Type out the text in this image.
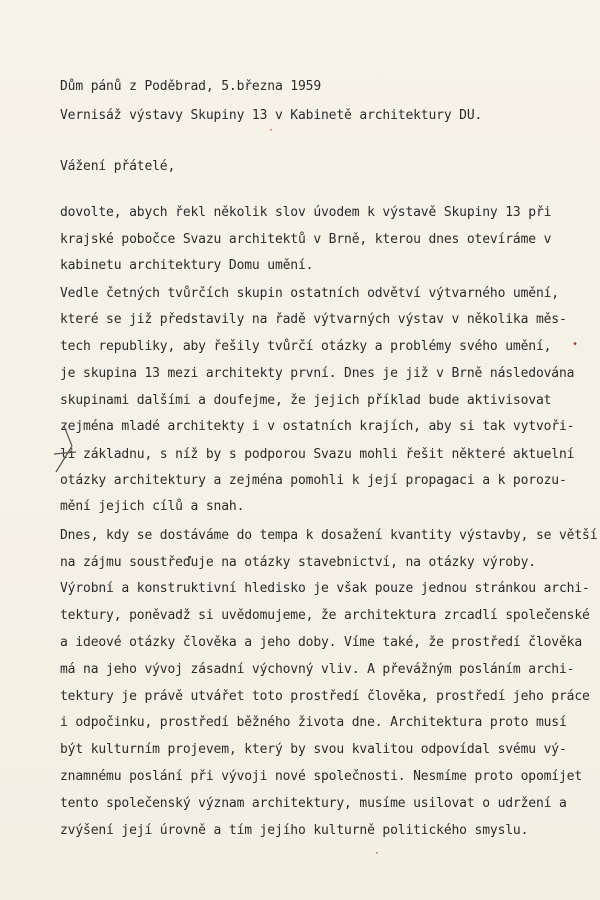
Dům pánů z Poděbrad, 5.března 1959
Vernisáž výstavy Skupiny 13 v Kabinetě architektury DU.
Vážení přátelé,
dovolte, abych řekl několik slov úvodem k výstavě Skupiny 13 při
krajské pobočce Svazu architektů v Brně, kterou dnes otevíráme v
kabinetu architektury Domu umění.
Vedle četných tvůrčích skupin ostatních odvětví výtvarného umění,
které se již představily na řadě výtvarných výstav v několika měs-
tech republiky, aby řešily tvůrčí otázky a problémy svého umění,
je skupina 13 mezi architekty první. Dnes je již v Brně následována
skupinami dalšími a doufejme, že jejich příklad bude aktivisovat
zejména mladé architekty i v ostatních krajích, aby si tak vytvoři-
li základnu, s níž by s podporou Svazu mohli řešit některé aktuelní
otázky architektury a zejména pomohli k její propagaci a k porozu-
mění jejich cílů a snah.
Dnes, kdy se dostáváme do tempa k dosažení kvantity výstavby, se větší
na zájmu soustřeďuje na otázky stavebnictví, na otázky výroby.
Výrobní a konstruktivní hledisko je však pouze jednou stránkou archi-
tektury, poněvadž si uvědomujeme, že architektura zrcadlí společenské
a ideové otázky člověka a jeho doby. Víme také, že prostředí člověka
má na jeho vývoj zásadní výchovný vliv. A převážným posláním archi-
tektury je právě utvářet toto prostředí člověka, prostředí jeho práce
i odpočinku, prostředí běžného života dne. Architektura proto musí
být kulturním projevem, který by svou kvalitou odpovídal svému vý-
znamnému poslání při vývoji nové společnosti. Nesmíme proto opomíjet
tento společenský význam architektury, musíme usilovat o udržení a
zvýšení její úrovně a tím jejího kulturně politického smyslu.
•
·
·
